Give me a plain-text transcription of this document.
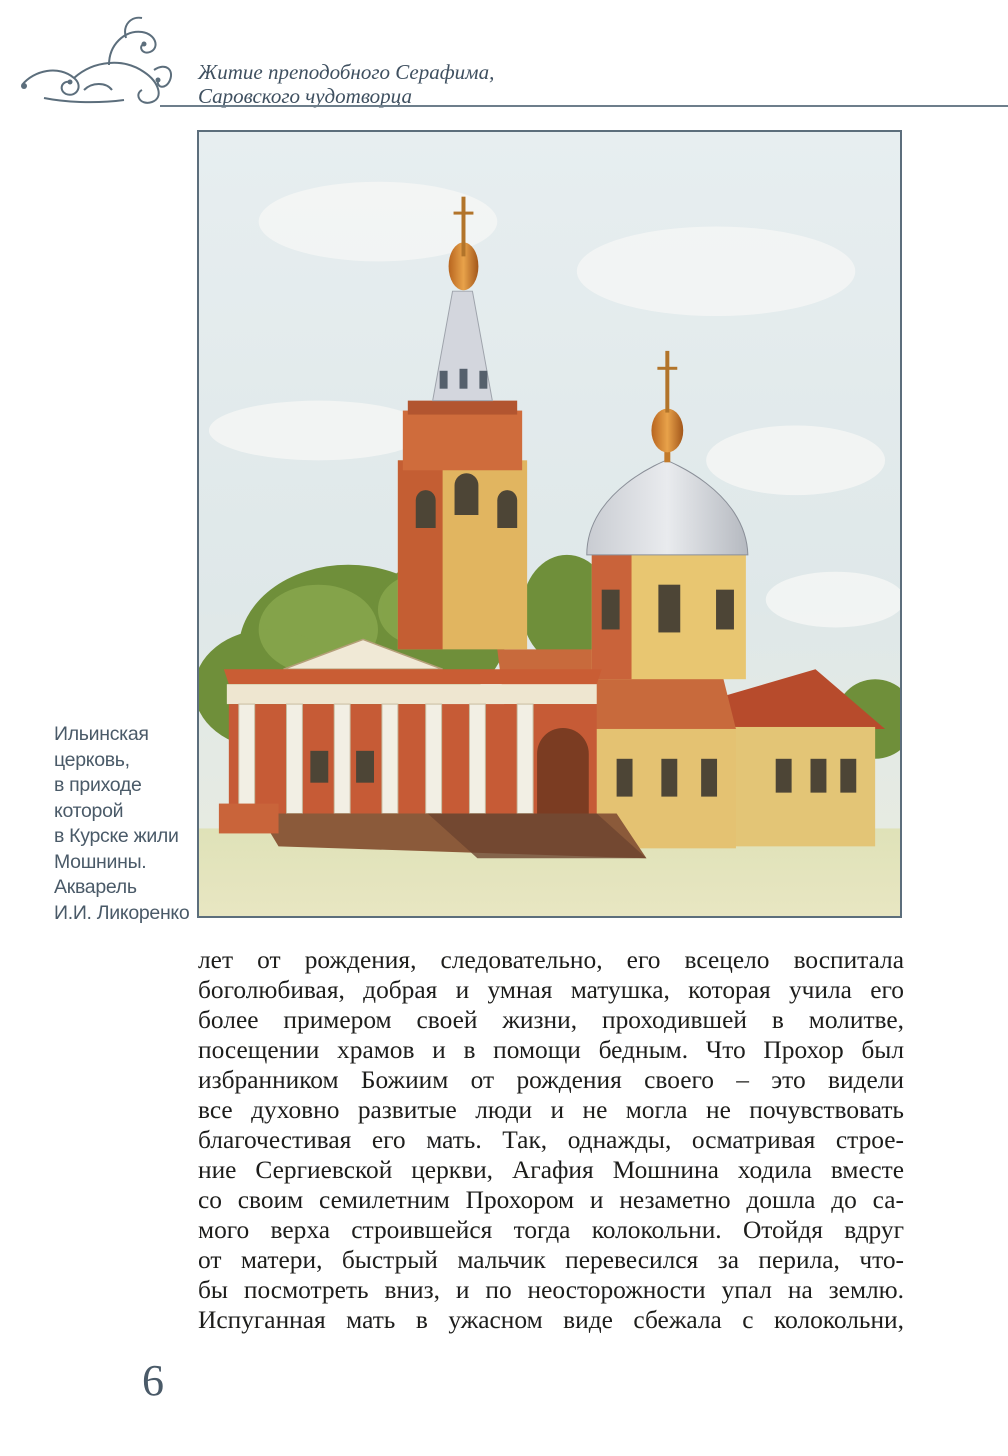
Житие преподобного Серафима,
Саровского чудотворца
Ильинская
церковь,
в приходе
которой
в Курске жили
Мошнины.
Акварель
И.И. Ликоренко
лет от рождения, следовательно, его всецело воспитала
боголюбивая, добрая и умная матушка, которая учила его
более примером своей жизни, проходившей в молитве,
посещении храмов и в помощи бедным. Что Прохор был
избранником Божиим от рождения своего – это видели
все духовно развитые люди и не могла не почувствовать
благочестивая его мать. Так, однажды, осматривая строе-
ние Сергиевской церкви, Агафия Мошнина ходила вместе
со своим семилетним Прохором и незаметно дошла до са-
мого верха строившейся тогда колокольни. Отойдя вдруг
от матери, быстрый мальчик перевесился за перила, что-
бы посмотреть вниз, и по неосторожности упал на землю.
Испуганная мать в ужасном виде сбежала с колокольни,
6
